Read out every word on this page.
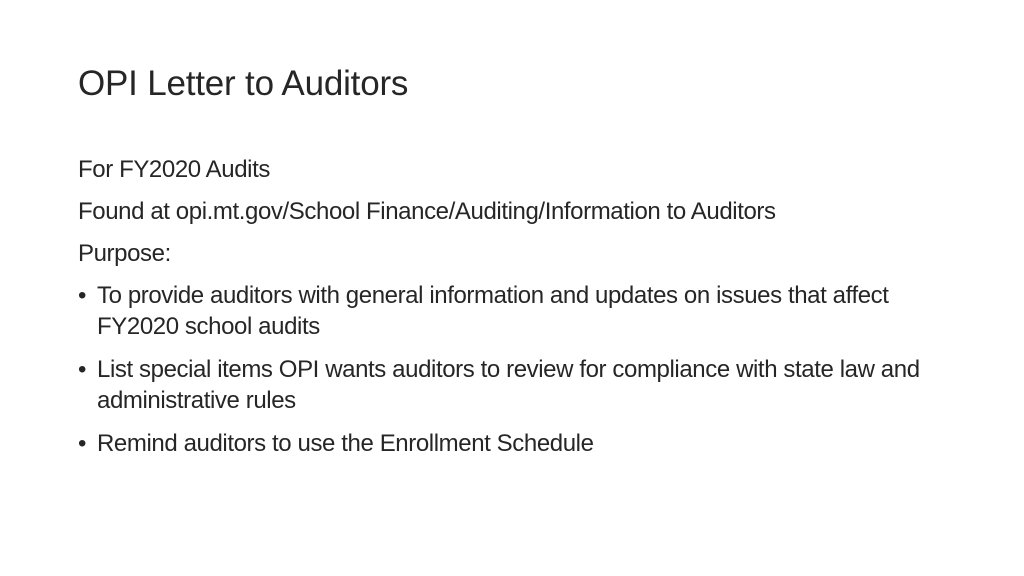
OPI Letter to Auditors

For FY2020 Audits

Found at opi.mt.gov/School Finance/Auditing/Information to Auditors

Purpose:

• To provide auditors with general information and updates on issues that affect FY2020 school audits
• List special items OPI wants auditors to review for compliance with state law and administrative rules
• Remind auditors to use the Enrollment Schedule
